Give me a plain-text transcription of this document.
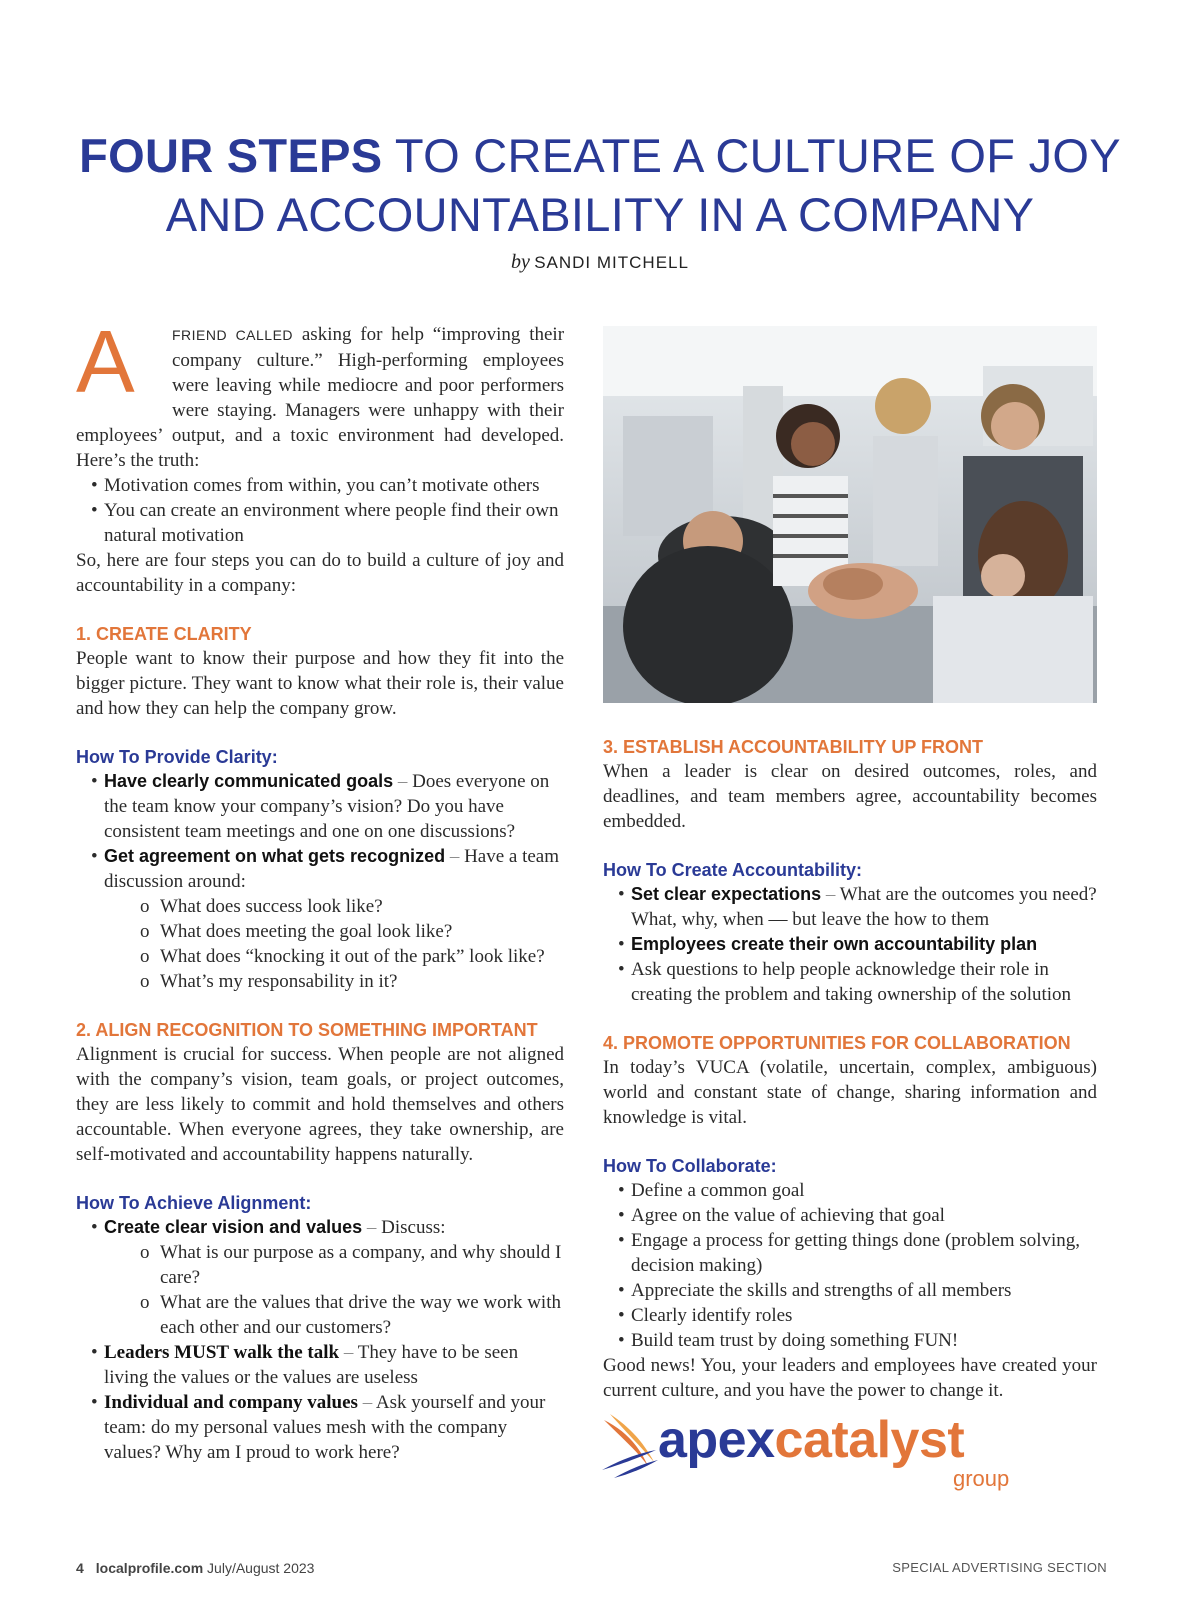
FOUR STEPS TO CREATE A CULTURE OF JOY
AND ACCOUNTABILITY IN A COMPANY
by SANDI MITCHELL
A	FRIEND CALLED asking for help “improving their company culture.” High-performing employees were leaving while mediocre and poor performers were staying. Managers were unhappy with their employees’ output, and a toxic environment had developed. Here’s the truth:

• Motivation comes from within, you can’t motivate others
• You can create an environment where people find their own natural motivation

So, here are four steps you can do to build a culture of joy and accountability in a company:

1. CREATE CLARITY

People want to know their purpose and how they fit into the bigger picture. They want to know what their role is, their value and how they can help the company grow.

How To Provide Clarity:
• Have clearly communicated goals – Does everyone on the team know your company’s vision? Do you have consistent team meetings and one on one discussions?
• Get agreement on what gets recognized – Have a team discussion around:
o What does success look like?
o What does meeting the goal look like?
o What does “knocking it out of the park” look like?
o What’s my responsability in it?
2. ALIGN RECOGNITION TO SOMETHING IMPORTANT

Alignment is crucial for success. When people are not aligned with the company’s vision, team goals, or project outcomes, they are less likely to commit and hold themselves and others accountable. When everyone agrees, they take ownership, are self-motivated and accountability happens naturally.

How To Achieve Alignment:
• Create clear vision and values – Discuss:
o What is our purpose as a company, and why should I care?
o What are the values that drive the way we work with each other and our customers?
• Leaders MUST walk the talk – They have to be seen living the values or the values are useless
• Individual and company values – Ask yourself and your team: do my personal values mesh with the company values? Why am I proud to work here?
3. ESTABLISH ACCOUNTABILITY UP FRONT

When a leader is clear on desired outcomes, roles, and deadlines, and team members agree, accountability becomes embedded.

How To Create Accountability:
• Set clear expectations – What are the outcomes you need? What, why, when — but leave the how to them
• Employees create their own accountability plan
• Ask questions to help people acknowledge their role in creating the problem and taking ownership of the solution
4. PROMOTE OPPORTUNITIES FOR COLLABORATION

In today’s VUCA (volatile, uncertain, complex, ambiguous) world and constant state of change, sharing information and knowledge is vital.

How To Collaborate:
• Define a common goal
• Agree on the value of achieving that goal
• Engage a process for getting things done (problem solving, decision making)
• Appreciate the skills and strengths of all members
• Clearly identify roles
• Build team trust by doing something FUN!

Good news! You, your leaders and employees have created your current culture, and you have the power to change it.

apexcatalyst
group
4 localprofile.com July/August 2023	SPECIAL ADVERTISING SECTION
